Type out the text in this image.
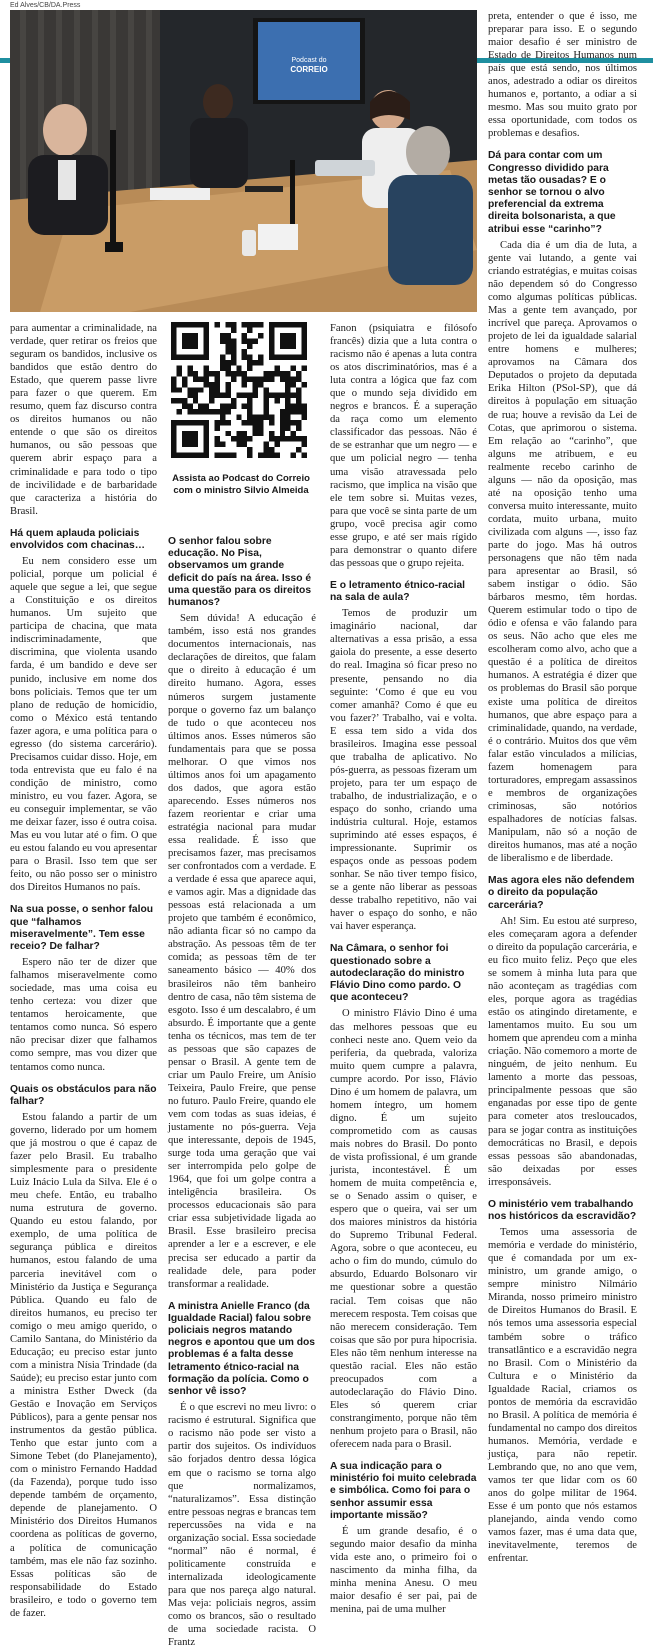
Ed Alves/CB/DA.Press
Podcast do
CORREIO

para aumentar a criminalidade, na verdade, quer retirar os freios que seguram os bandidos, inclusive os bandidos que estão dentro do Estado, que querem passe livre para fazer o que querem. Em resumo, quem faz discurso contra os direitos humanos ou não entende o que são os direitos humanos, ou são pessoas que querem abrir espaço para a criminalidade e para todo o tipo de incivilidade e de barbaridade que caracteriza a história do Brasil.

Há quem aplauda policiais envolvidos com chacinas…

Eu nem considero esse um policial, porque um policial é aquele que segue a lei, que segue a Constituição e os direitos humanos. Um sujeito que participa de chacina, que mata indiscriminadamente, que discrimina, que violenta usando farda, é um bandido e deve ser punido, inclusive em nome dos bons policiais. Temos que ter um plano de redução de homicídio, como o México está tentando fazer agora, e uma política para o egresso (do sistema carcerário). Precisamos cuidar disso. Hoje, em toda entrevista que eu falo é na condição de ministro, como ministro, eu vou fazer. Agora, se eu conseguir implementar, se vão me deixar fazer, isso é outra coisa. Mas eu vou lutar até o fim. O que eu estou falando eu vou apresentar para o Brasil. Isso tem que ser feito, ou não posso ser o ministro dos Direitos Humanos no país.

Na sua posse, o senhor falou que “falhamos miseravelmente”. Tem esse receio? De falhar?

Espero não ter de dizer que falhamos miseravelmente como sociedade, mas uma coisa eu tenho certeza: vou dizer que tentamos heroicamente, que tentamos como nunca. Só espero não precisar dizer que falhamos como sempre, mas vou dizer que tentamos como nunca.

Quais os obstáculos para não falhar?

Estou falando a partir de um governo, liderado por um homem que já mostrou o que é capaz de fazer pelo Brasil. Eu trabalho simplesmente para o presidente Luiz Inácio Lula da Silva. Ele é o meu chefe. Então, eu trabalho numa estrutura de governo. Quando eu estou falando, por exemplo, de uma política de segurança pública e direitos humanos, estou falando de uma parceria inevitável com o Ministério da Justiça e Segurança Pública. Quando eu falo de direitos humanos, eu preciso ter comigo o meu amigo querido, o Camilo Santana, do Ministério da Educação; eu preciso estar junto com a ministra Nísia Trindade (da Saúde); eu preciso estar junto com a ministra Esther Dweck (da Gestão e Inovação em Serviços Públicos), para a gente pensar nos instrumentos da gestão pública. Tenho que estar junto com a Simone Tebet (do Planejamento), com o ministro Fernando Haddad (da Fazenda), porque tudo isso depende também de orçamento, depende de planejamento. O Ministério dos Direitos Humanos coordena as políticas de governo, a política de comunicação também, mas ele não faz sozinho. Essas políticas são de responsabilidade do Estado brasileiro, e todo o governo tem de fazer.

Assista ao Podcast do Correio com o ministro Silvio Almeida
O senhor falou sobre educação. No Pisa, observamos um grande deficit do país na área. Isso é uma questão para os direitos humanos?

Sem dúvida! A educação é também, isso está nos grandes documentos internacionais, nas declarações de direitos, que falam que o direito à educação é um direito humano. Agora, esses números surgem justamente porque o governo faz um balanço de tudo o que aconteceu nos últimos anos. Esses números são fundamentais para que se possa melhorar. O que vimos nos últimos anos foi um apagamento dos dados, que agora estão aparecendo. Esses números nos fazem reorientar e criar uma estratégia nacional para mudar essa realidade. É isso que precisamos fazer, mas precisamos ser confrontados com a verdade. E a verdade é essa que aparece aqui, e vamos agir. Mas a dignidade das pessoas está relacionada a um projeto que também é econômico, não adianta ficar só no campo da abstração. As pessoas têm de ter comida; as pessoas têm de ter saneamento básico — 40% dos brasileiros não têm banheiro dentro de casa, não têm sistema de esgoto. Isso é um descalabro, é um absurdo. É importante que a gente tenha os técnicos, mas tem de ter as pessoas que são capazes de pensar o Brasil. A gente tem de criar um Paulo Freire, um Anísio Teixeira, Paulo Freire, que pense no futuro. Paulo Freire, quando ele vem com todas as suas ideias, é justamente no pós-guerra. Veja que interessante, depois de 1945, surge toda uma geração que vai ser interrompida pelo golpe de 1964, que foi um golpe contra a inteligência brasileira. Os processos educacionais são para criar essa subjetividade ligada ao Brasil. Esse brasileiro precisa aprender a ler e a escrever, e ele precisa ser educado a partir da realidade dele, para poder transformar a realidade.

A ministra Anielle Franco (da Igualdade Racial) falou sobre policiais negros matando negros e apontou que um dos problemas é a falta desse letramento étnico-racial na formação da polícia. Como o senhor vê isso?

É o que escrevi no meu livro: o racismo é estrutural. Significa que o racismo não pode ser visto a partir dos sujeitos. Os indivíduos são forjados dentro dessa lógica em que o racismo se torna algo que normalizamos, “naturalizamos”. Essa distinção entre pessoas negras e brancas tem repercussões na vida e na organização social. Essa sociedade “normal” não é normal, é politicamente construída e internalizada ideologicamente para que nos pareça algo natural. Mas veja: policiais negros, assim como os brancos, são o resultado de uma sociedade racista. O Frantz

Fanon (psiquiatra e filósofo francês) dizia que a luta contra o racismo não é apenas a luta contra os atos discriminatórios, mas é a luta contra a lógica que faz com que o mundo seja dividido em negros e brancos. É a superação da raça como um elemento classificador das pessoas. Não é de se estranhar que um negro — e que um policial negro — tenha uma visão atravessada pelo racismo, que implica na visão que ele tem sobre si. Muitas vezes, para que você se sinta parte de um grupo, você precisa agir como esse grupo, e até ser mais rígido para demonstrar o quanto difere das pessoas que o grupo rejeita.

E o letramento étnico-racial na sala de aula?

Temos de produzir um imaginário nacional, dar alternativas a essa prisão, a essa gaiola do presente, a esse deserto do real. Imagina só ficar preso no presente, pensando no dia seguinte: ‘Como é que eu vou comer amanhã? Como é que eu vou fazer?’ Trabalho, vai e volta. E essa tem sido a vida dos brasileiros. Imagina esse pessoal que trabalha de aplicativo. No pós-guerra, as pessoas fizeram um projeto, para ter um espaço de trabalho, de industrialização, e o espaço do sonho, criando uma indústria cultural. Hoje, estamos suprimindo até esses espaços, é impressionante. Suprimir os espaços onde as pessoas podem sonhar. Se não tiver tempo físico, se a gente não liberar as pessoas desse trabalho repetitivo, não vai haver o espaço do sonho, e não vai haver esperança.

Na Câmara, o senhor foi questionado sobre a autodeclaração do ministro Flávio Dino como pardo. O que aconteceu?

O ministro Flávio Dino é uma das melhores pessoas que eu conheci neste ano. Quem veio da periferia, da quebrada, valoriza muito quem cumpre a palavra, cumpre acordo. Por isso, Flávio Dino é um homem de palavra, um homem íntegro, um homem digno. É um sujeito comprometido com as causas mais nobres do Brasil. Do ponto de vista profissional, é um grande jurista, incontestável. É um homem de muita competência e, se o Senado assim o quiser, e espero que o queira, vai ser um dos maiores ministros da história do Supremo Tribunal Federal. Agora, sobre o que aconteceu, eu acho o fim do mundo, cúmulo do absurdo, Eduardo Bolsonaro vir me questionar sobre a questão racial. Tem coisas que não merecem resposta. Tem coisas que não merecem consideração. Tem coisas que são por pura hipocrisia. Eles não têm nenhum interesse na questão racial. Eles não estão preocupados com a autodeclaração do Flávio Dino. Eles só querem criar constrangimento, porque não têm nenhum projeto para o Brasil, não oferecem nada para o Brasil.

A sua indicação para o ministério foi muito celebrada e simbólica. Como foi para o senhor assumir essa importante missão?

É um grande desafio, é o segundo maior desafio da minha vida este ano, o primeiro foi o nascimento da minha filha, da minha menina Anesu. O meu maior desafio é ser pai, pai de menina, pai de uma mulher

preta, entender o que é isso, me preparar para isso. E o segundo maior desafio é ser ministro de Estado de Direitos Humanos num país que está sendo, nos últimos anos, adestrado a odiar os direitos humanos e, portanto, a odiar a si mesmo. Mas sou muito grato por essa oportunidade, com todos os problemas e desafios.

Dá para contar com um Congresso dividido para metas tão ousadas? E o senhor se tornou o alvo preferencial da extrema direita bolsonarista, a que atribui esse “carinho”?

Cada dia é um dia de luta, a gente vai lutando, a gente vai criando estratégias, e muitas coisas não dependem só do Congresso como algumas políticas públicas. Mas a gente tem avançado, por incrível que pareça. Aprovamos o projeto de lei da igualdade salarial entre homens e mulheres; aprovamos na Câmara dos Deputados o projeto da deputada Erika Hilton (PSol-SP), que dá direitos à população em situação de rua; houve a revisão da Lei de Cotas, que aprimorou o sistema. Em relação ao “carinho”, que alguns me atribuem, e eu realmente recebo carinho de alguns — não da oposição, mas até na oposição tenho uma conversa muito interessante, muito cordata, muito urbana, muito civilizada com alguns —, isso faz parte do jogo. Mas há outros personagens que não têm nada para apresentar ao Brasil, só sabem instigar o ódio. São bárbaros mesmo, têm hordas. Querem estimular todo o tipo de ódio e ofensa e vão falando para os seus. Não acho que eles me escolheram como alvo, acho que a questão é a política de direitos humanos. A estratégia é dizer que os problemas do Brasil são porque existe uma política de direitos humanos, que abre espaço para a criminalidade, quando, na verdade, é o contrário. Muitos dos que vêm falar estão vinculados a milícias, fazem homenagem para torturadores, empregam assassinos e membros de organizações criminosas, são notórios espalhadores de notícias falsas. Manipulam, não só a noção de direitos humanos, mas até a noção de liberalismo e de liberdade.

Mas agora eles não defendem o direito da população carcerária?

Ah! Sim. Eu estou até surpreso, eles começaram agora a defender o direito da população carcerária, e eu fico muito feliz. Peço que eles se somem à minha luta para que não aconteçam as tragédias com eles, porque agora as tragédias estão os atingindo diretamente, e lamentamos muito. Eu sou um homem que aprendeu com a minha criação. Não comemoro a morte de ninguém, de jeito nenhum. Eu lamento a morte das pessoas, principalmente pessoas que são enganadas por esse tipo de gente para cometer atos tresloucados, para se jogar contra as instituições democráticas no Brasil, e depois essas pessoas são abandonadas, são deixadas por esses irresponsáveis.

O ministério vem trabalhando nos históricos da escravidão?

Temos uma assessoria de memória e verdade do ministério, que é comandada por um ex-ministro, um grande amigo, o sempre ministro Nilmário Miranda, nosso primeiro ministro de Direitos Humanos do Brasil. E nós temos uma assessoria especial também sobre o tráfico transatlântico e a escravidão negra no Brasil. Com o Ministério da Cultura e o Ministério da Igualdade Racial, criamos os pontos de memória da escravidão no Brasil. A política de memória é fundamental no campo dos direitos humanos. Memória, verdade e justiça, para não repetir. Lembrando que, no ano que vem, vamos ter que lidar com os 60 anos do golpe militar de 1964. Esse é um ponto que nós estamos planejando, ainda vendo como vamos fazer, mas é uma data que, inevitavelmente, teremos de enfrentar.
